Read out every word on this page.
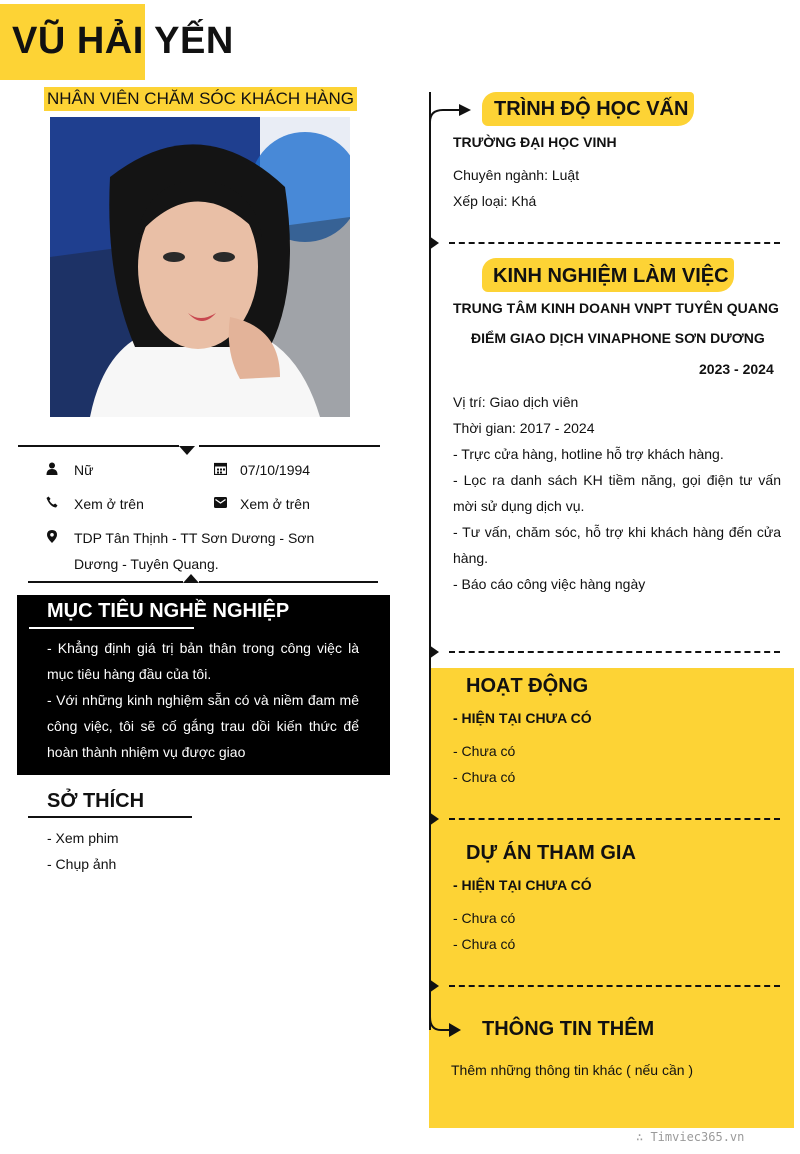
VŨ HẢI YẾN
NHÂN VIÊN CHĂM SÓC KHÁCH HÀNG
Nữ	07/10/1994
Xem ở trên	Xem ở trên
TDP Tân Thịnh - TT Sơn Dương - Sơn
Dương - Tuyên Quang.
MỤC TIÊU NGHỀ NGHIỆP
- Khẳng định giá trị bản thân trong công việc là mục tiêu hàng đầu của tôi.
- Với những kinh nghiệm sẵn có và niềm đam mê công việc, tôi sẽ cố gắng trau dồi kiến thức để hoàn thành nhiệm vụ được giao
SỞ THÍCH
- Xem phim
- Chụp ảnh
TRÌNH ĐỘ HỌC VẤN
TRƯỜNG ĐẠI HỌC VINH
Chuyên ngành: Luật
Xếp loại: Khá
KINH NGHIỆM LÀM VIỆC
TRUNG TÂM KINH DOANH VNPT TUYÊN QUANG
ĐIỂM GIAO DỊCH VINAPHONE SƠN DƯƠNG
2023 - 2024
Vị trí: Giao dịch viên
Thời gian: 2017 - 2024
- Trực cửa hàng, hotline hỗ trợ khách hàng.
- Lọc ra danh sách KH tiềm năng, gọi điện tư vấn mời sử dụng dịch vụ.
- Tư vấn, chăm sóc, hỗ trợ khi khách hàng đến cửa hàng.
- Báo cáo công việc hàng ngày
HOẠT ĐỘNG
- HIỆN TẠI CHƯA CÓ
- Chưa có
- Chưa có
DỰ ÁN THAM GIA
- HIỆN TẠI CHƯA CÓ
- Chưa có
- Chưa có
THÔNG TIN THÊM
Thêm những thông tin khác ( nếu cần )
∴ Timviec365.vn
